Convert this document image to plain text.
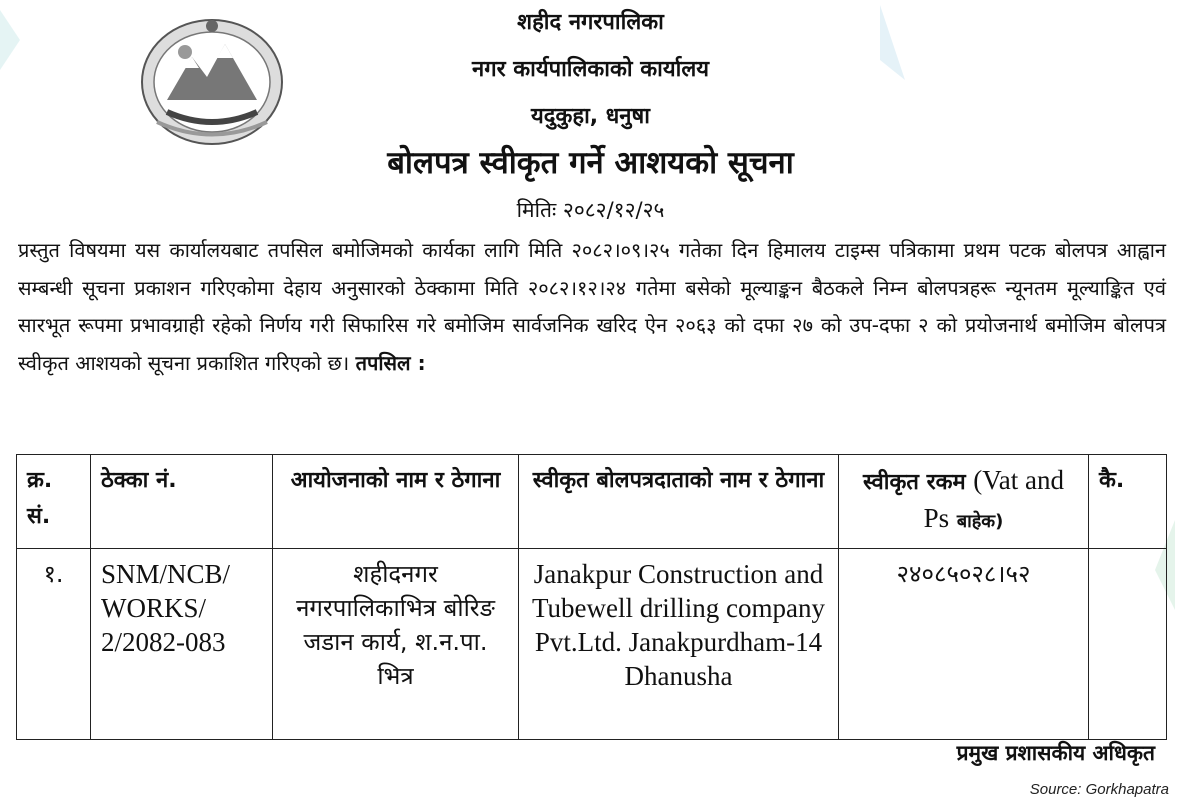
शहीद नगरपालिका
नगर कार्यपालिकाको कार्यालय
यदुकुहा, धनुषा
बोलपत्र स्वीकृत गर्ने आशयको सूचना
मितिः २०८२/१२/२५
प्रस्तुत विषयमा यस कार्यालयबाट तपसिल बमोजिमको कार्यका लागि मिति २०८२।०९।२५ गतेका दिन हिमालय टाइम्स पत्रिकामा प्रथम पटक बोलपत्र आह्वान सम्बन्धी सूचना प्रकाशन गरिएकोमा देहाय अनुसारको ठेक्कामा मिति २०८२।१२।२४ गतेमा बसेको मूल्याङ्कन बैठकले निम्न बोलपत्रहरू न्यूनतम मूल्याङ्कित एवं सारभूत रूपमा प्रभावग्राही रहेको निर्णय गरी सिफारिस गरे बमोजिम सार्वजनिक खरिद ऐन २०६३ को दफा २७ को उप-दफा २ को प्रयोजनार्थ बमोजिम बोलपत्र स्वीकृत आशयको सूचना प्रकाशित गरिएको छ। तपसिल :
क्र. सं.	ठेक्का नं.	आयोजनाको नाम र ठेगाना	स्वीकृत बोलपत्रदाताको नाम र ठेगाना	स्वीकृत रकम (Vat and Ps बाहेक)	कै.
१.	SNM/NCB/ WORKS/ 2/2082-083	शहीदनगर नगरपालिकाभित्र बोरिङ जडान कार्य, श.न.पा. भित्र	Janakpur Construction and Tubewell drilling company Pvt.Ltd. Janakpurdham-14 Dhanusha	२४०८५०२८।५२	
प्रमुख प्रशासकीय अधिकृत
Source: Gorkhapatra
